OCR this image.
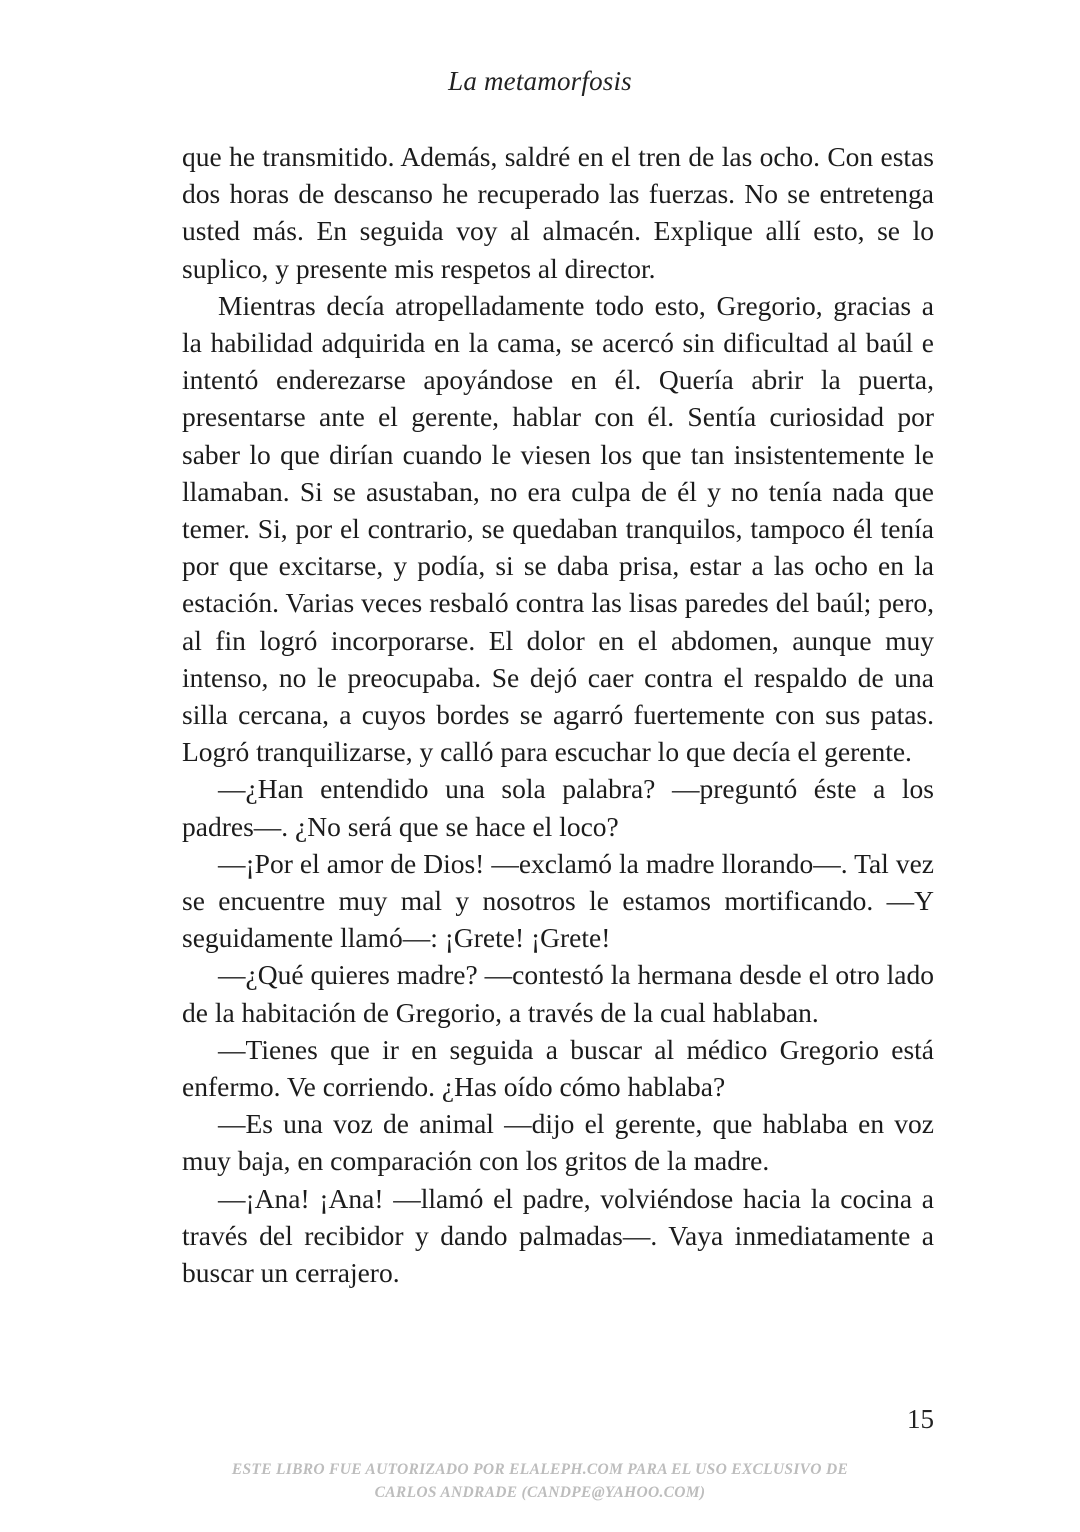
La metamorfosis

que he transmitido. Además, saldré en el tren de las ocho. Con estas dos horas de descanso he recuperado las fuerzas. No se entretenga usted más. En seguida voy al almacén. Explique allí esto, se lo suplico, y presente mis respetos al director.

Mientras decía atropelladamente todo esto, Gregorio, gracias a la habilidad adquirida en la cama, se acercó sin dificultad al baúl e intentó enderezarse apoyándose en él. Quería abrir la puerta, presentarse ante el gerente, hablar con él. Sentía curiosidad por saber lo que dirían cuando le viesen los que tan insistentemente le llamaban. Si se asustaban, no era culpa de él y no tenía nada que temer. Si, por el contrario, se quedaban tranquilos, tampoco él tenía por que excitarse, y podía, si se daba prisa, estar a las ocho en la estación. Varias veces resbaló contra las lisas paredes del baúl; pero, al fin logró incorporarse. El dolor en el abdomen, aunque muy intenso, no le preocupaba. Se dejó caer contra el respaldo de una silla cercana, a cuyos bordes se agarró fuertemente con sus patas. Logró tranquilizarse, y calló para escuchar lo que decía el gerente.

—¿Han entendido una sola palabra? —preguntó éste a los padres—. ¿No será que se hace el loco?

—¡Por el amor de Dios! —exclamó la madre llorando—. Tal vez se encuentre muy mal y nosotros le estamos mortificando. —Y seguidamente llamó—: ¡Grete! ¡Grete!

—¿Qué quieres madre? —contestó la hermana desde el otro lado de la habitación de Gregorio, a través de la cual hablaban.

—Tienes que ir en seguida a buscar al médico Gregorio está enfermo. Ve corriendo. ¿Has oído cómo hablaba?

—Es una voz de animal —dijo el gerente, que hablaba en voz muy baja, en comparación con los gritos de la madre.

—¡Ana! ¡Ana! —llamó el padre, volviéndose hacia la cocina a través del recibidor y dando palmadas—. Vaya inmediatamente a buscar un cerrajero.

15
ESTE LIBRO FUE AUTORIZADO POR ELALEPH.COM PARA EL USO EXCLUSIVO DE
CARLOS ANDRADE (CANDPE@YAHOO.COM)
